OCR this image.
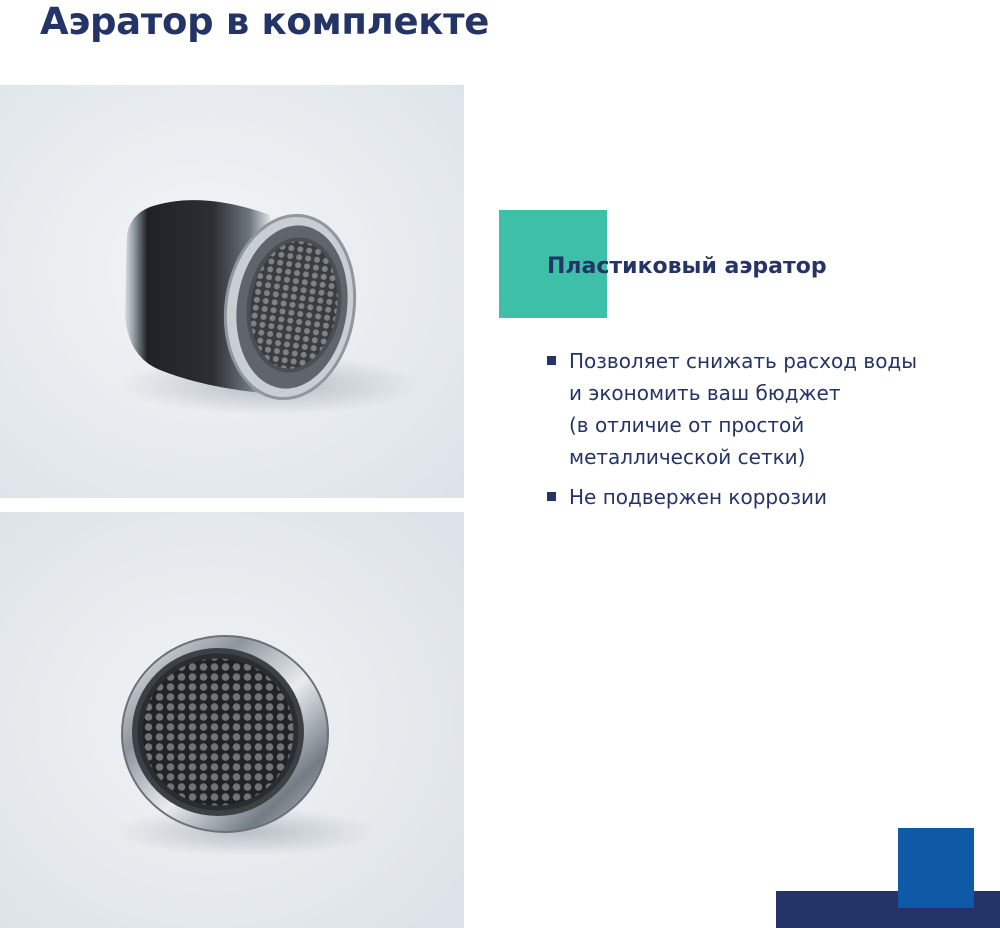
Аэратор в комплекте
Пластиковый аэратор
Позволяет снижать расход воды
и экономить ваш бюджет
(в отличие от простой
металлической сетки)
Не подвержен коррозии
